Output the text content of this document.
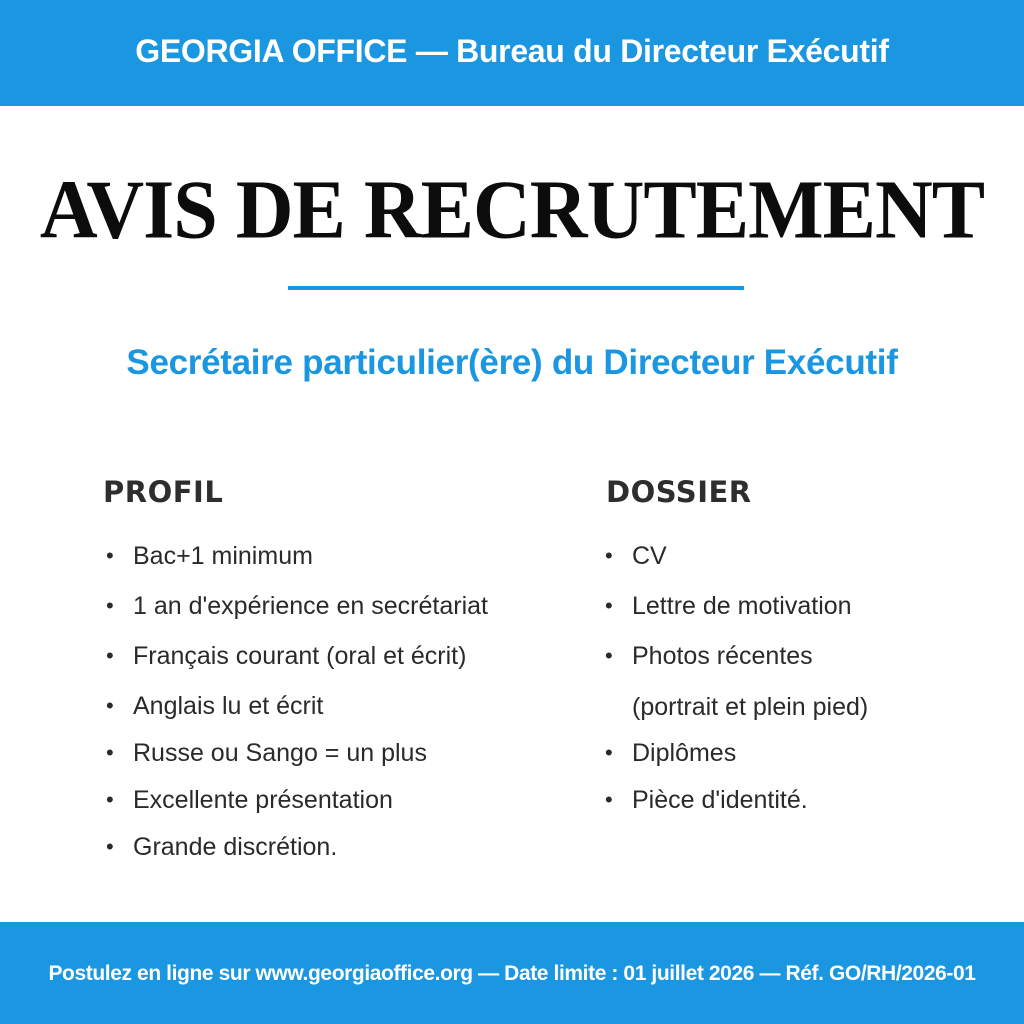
GEORGIA OFFICE — Bureau du Directeur Exécutif
AVIS DE RECRUTEMENT
Secrétaire particulier(ère) du Directeur Exécutif
PROFIL	DOSSIER
• Bac+1 minimum
• 1 an d'expérience en secrétariat
• Français courant (oral et écrit)
• Anglais lu et écrit
• Russe ou Sango = un plus
• Excellente présentation
• Grande discrétion.
• CV
• Lettre de motivation
• Photos récentes
• Diplômes
• Pièce d'identité.
(portrait et plein pied)
Postulez en ligne sur www.georgiaoffice.org — Date limite : 01 juillet 2026 — Réf. GO/RH/2026-01
